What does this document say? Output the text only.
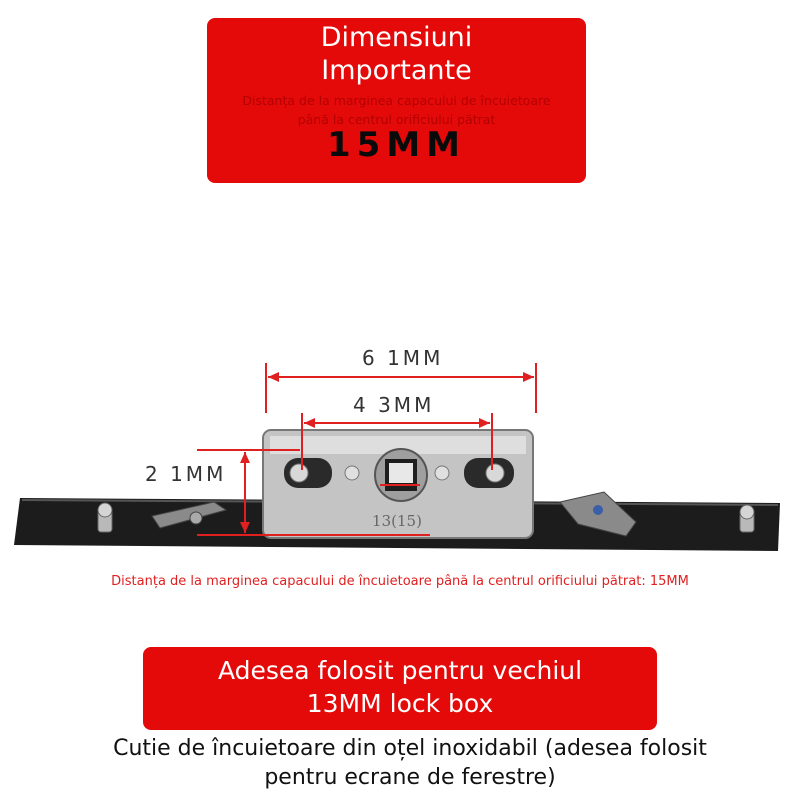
Dimensiuni
Importante
Distanța de la marginea capacului de încuietoare până la centrul orificiului pătrat
15MM
13(15)
6 1MM
4 3MM
2 1MM
Distanța de la marginea capacului de încuietoare până la centrul orificiului pătrat: 15MM
Adesea folosit pentru vechiul
13MM lock box
Cutie de încuietoare din oțel inoxidabil (adesea folosit
pentru ecrane de ferestre)
